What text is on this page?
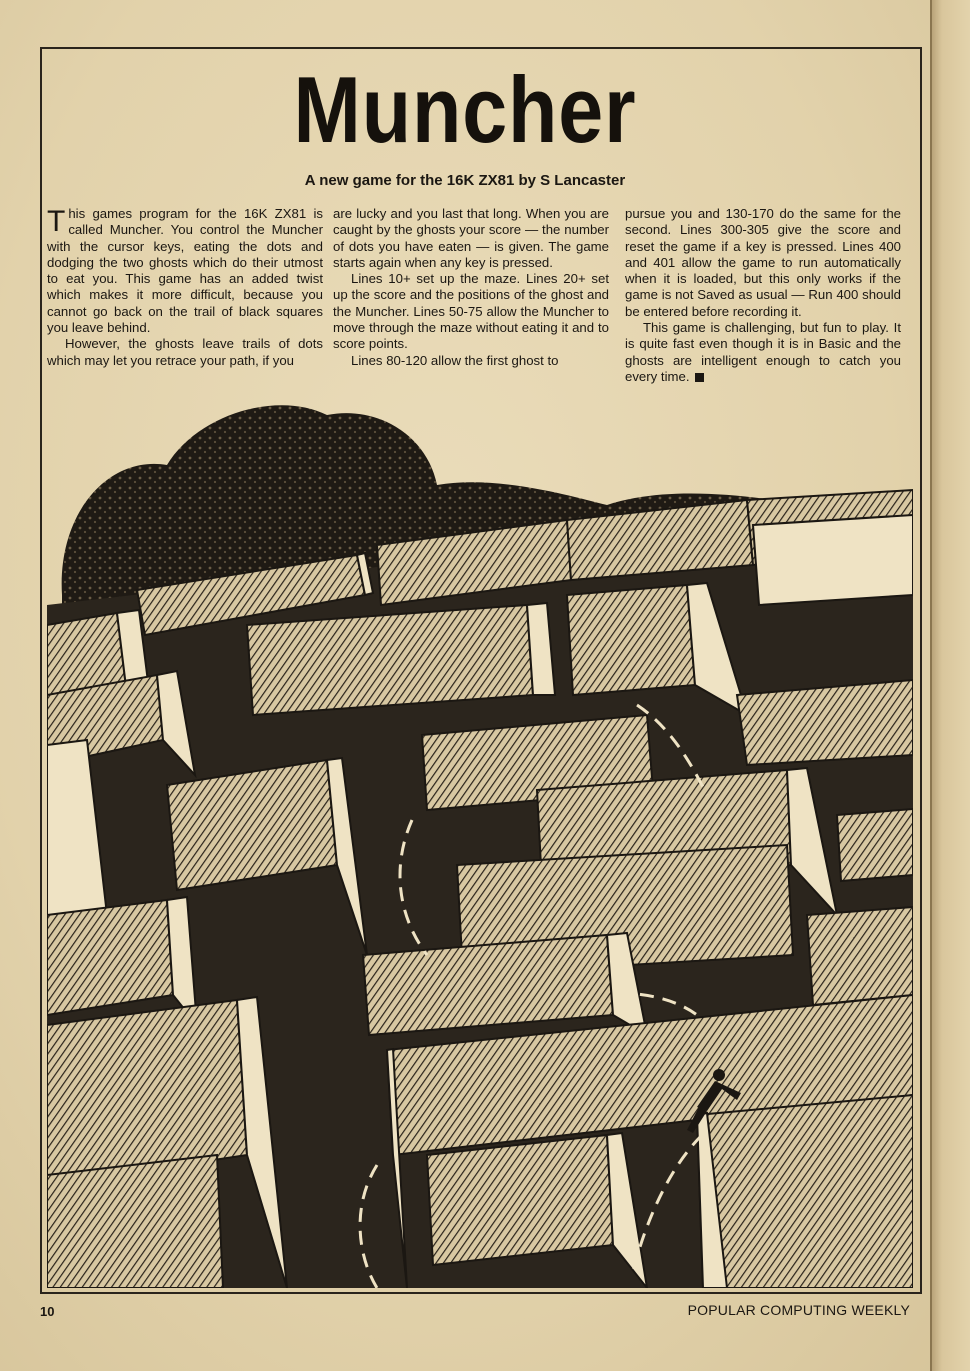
Muncher
A new game for the 16K ZX81 by S Lancaster

This games program for the 16K ZX81 is called Muncher. You control the Muncher with the cursor keys, eating the dots and dodging the two ghosts which do their utmost to eat you. This game has an added twist which makes it more difficult, because you cannot go back on the trail of black squares you leave behind.

However, the ghosts leave trails of dots which may let you retrace your path, if you

are lucky and you last that long. When you are caught by the ghosts your score — the number of dots you have eaten — is given. The game starts again when any key is pressed.

Lines 10+ set up the maze. Lines 20+ set up the score and the positions of the ghost and the Muncher. Lines 50-75 allow the Muncher to move through the maze without eating it and to score points.

Lines 80-120 allow the first ghost to

pursue you and 130-170 do the same for the second. Lines 300-305 give the score and reset the game if a key is pressed. Lines 400 and 401 allow the game to run automatically when it is loaded, but this only works if the game is not Saved as usual — Run 400 should be entered before recording it.

This game is challenging, but fun to play. It is quite fast even though it is in Basic and the ghosts are intelligent enough to catch you every time.

10	POPULAR COMPUTING WEEKLY
